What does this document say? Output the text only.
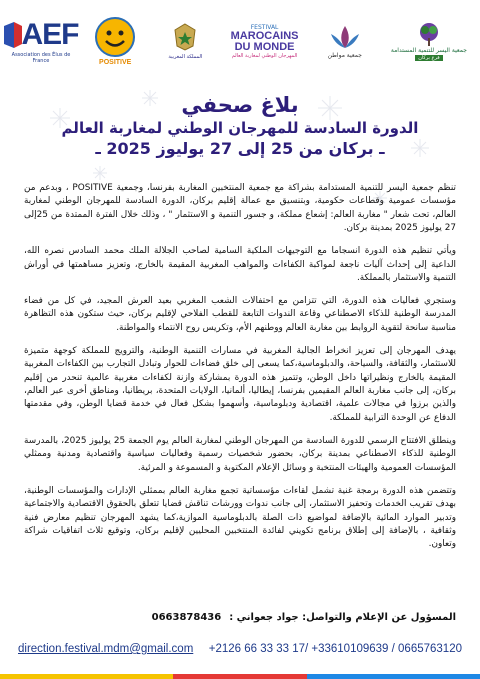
AEF
Association des Élus de France	POSITIVE
المملكة المغربية
FESTIVAL
MAROCAINS DU MONDE
المهرجان الوطني لمغاربة العالم	جمعية مواطن
جمعية اليسر للتنمية المستدامة
فرع بركان
بلاغ صحفي
الدورة السادسة للمهرجان الوطني لمغاربة العالم
ـ بركان من 25 إلى 27 يوليوز 2025 ـ

تنظم جمعية اليسر للتنمية المستدامة بشراكة مع جمعية المنتخبين المغاربة بفرنسا، وجمعية POSITIVE ، وبدعم من مؤسسات عمومية وقطاعات حكومية، وبتنسيق مع عمالة إقليم بركان، الدورة السادسة للمهرجان الوطني لمغاربة العالم، تحت شعار " مغاربة العالم: إشعاع مملكة، و جسور التنمية و الاستثمار " ، وذلك خلال الفترة الممتدة من 25إلى 27 يوليوز 2025 بمدينة بركان.

ويأتي تنظيم هذه الدورة انسجاما مع التوجيهات الملكية السامية لصاحب الجلالة الملك محمد السادس نصره الله، الداعية إلى إحداث آليات ناجعة لمواكبة الكفاءات والمواهب المغربية المقيمة بالخارج، وتعزيز مساهمتها في أوراش التنمية والاستثمار بالمملكة.

وستجري فعاليات هذه الدورة، التي تتزامن مع احتفالات الشعب المغربي بعيد العرش المجيد، في كل من فضاء المدرسة الوطنية للذكاء الاصطناعي وقاعة الندوات التابعة للقطب الفلاحي لإقليم بركان، حيث ستكون هذه التظاهرة مناسبة سانحة لتقوية الروابط بين مغاربة العالم ووطنهم الأم، وتكريس روح الانتماء والمواطنة.

يهدف المهرجان إلى تعزيز انخراط الجالية المغربية في مسارات التنمية الوطنية، والترويج للمملكة كوجهة متميزة للاستثمار، والثقافة، والسياحة، والدبلوماسية،كما يسعى إلى خلق فضاءات للحوار وتبادل التجارب بين الكفاءات المغربية المقيمة بالخارج ونظيراتها داخل الوطن، وتتميز هذه الدورة بمشاركة وازنة لكفاءات مغربية عالمية تنحدر من إقليم بركان، إلى جانب مغاربة العالم المقيمين بفرنسا، إيطاليا، ألمانيا، الولايات المتحدة، بريطانيا، ومناطق أخرى عبر العالم، والذين برزوا في مجالات علمية، اقتصادية ودبلوماسية، وأسهموا بشكل فعال في خدمة قضايا الوطن، وفي مقدمتها الدفاع عن الوحدة الترابية للمملكة.

وينطلق الافتتاح الرسمي للدورة السادسة من المهرجان الوطني لمغاربة العالم يوم الجمعة 25 يوليوز 2025، بالمدرسة الوطنية للذكاء الاصطناعي بمدينة بركان، بحضور شخصيات رسمية وفعاليات سياسية واقتصادية ومدنية وممثلي المؤسسات العمومية والهيئات المنتخبة و وسائل الإعلام المكتوبة و المسموعة و المرئية.

وتتضمن هذه الدورة برمجة غنية تشمل لقاءات مؤسساتية تجمع مغاربة العالم بممثلي الإدارات والمؤسسات الوطنية، بهدف تقريب الخدمات وتحفيز الاستثمار، إلى جانب ندوات وورشات تناقش قضايا تتعلق بالحقوق الاقتصادية والاجتماعية وتدبير الموارد المائية بالإضافة لمواضيع ذات الصلة بالدبلوماسية الموازية،كما يشهد المهرجان تنظيم معارض فنية وثقافية ، بالإضافة إلى إطلاق برنامج تكويني لفائدة المنتخبين المحليين لإقليم بركان، وتوقيع ثلاث اتفاقيات شراكة وتعاون.

المسؤول عن الإعلام والتواصل: جواد جعواني :
0663878436
direction.festival.mdm@gmail.com +2126 66 33 33 17/ +33610109639 / 0665763120
